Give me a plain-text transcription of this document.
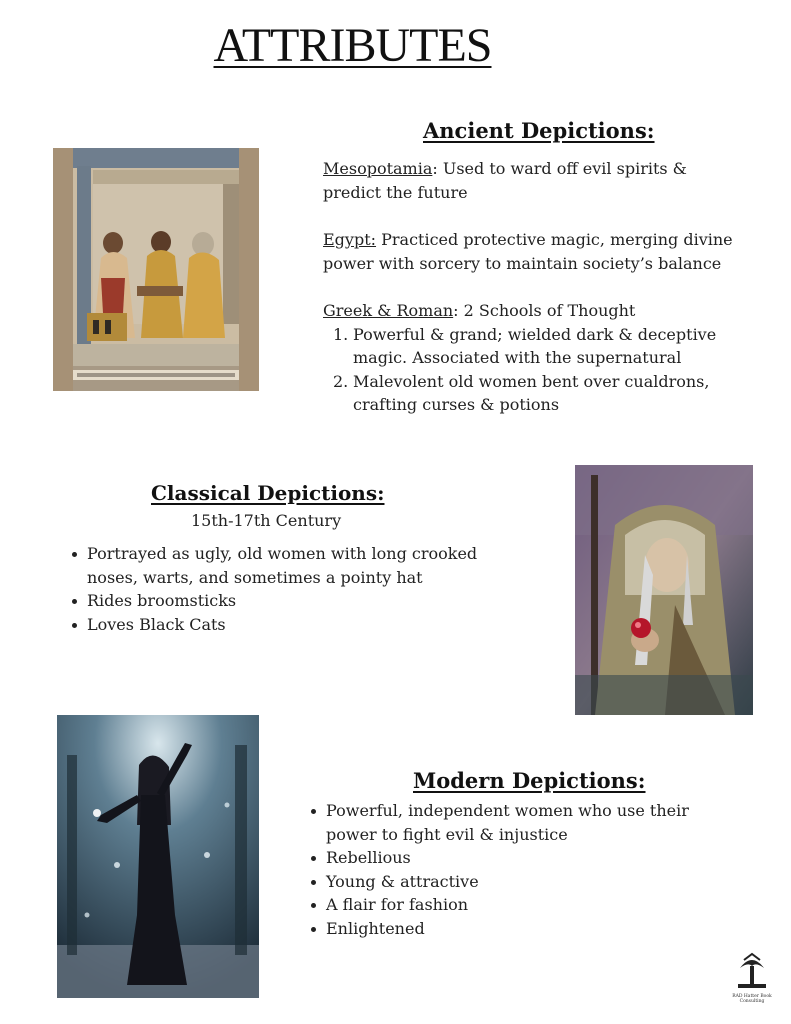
ATTRIBUTES
Ancient Depictions:

Mesopotamia: Used to ward off evil spirits & predict the future

Egypt: Practiced protective magic, merging divine power with sorcery to maintain society’s balance

Greek & Roman: 2 Schools of Thought

1. Powerful & grand; wielded dark & deceptive magic. Associated with the supernatural
2. Malevolent old women bent over cualdrons, crafting curses & potions
Classical Depictions:
15th-17th Century
Portrayed as ugly, old women with long crooked noses, warts, and sometimes a pointy hat
Rides broomsticks
Loves Black Cats
Modern Depictions:
Powerful, independent women who use their power to fight evil & injustice
Rebellious
Young & attractive
A flair for fashion
Enlightened
RAD Hatter Book Consulting
